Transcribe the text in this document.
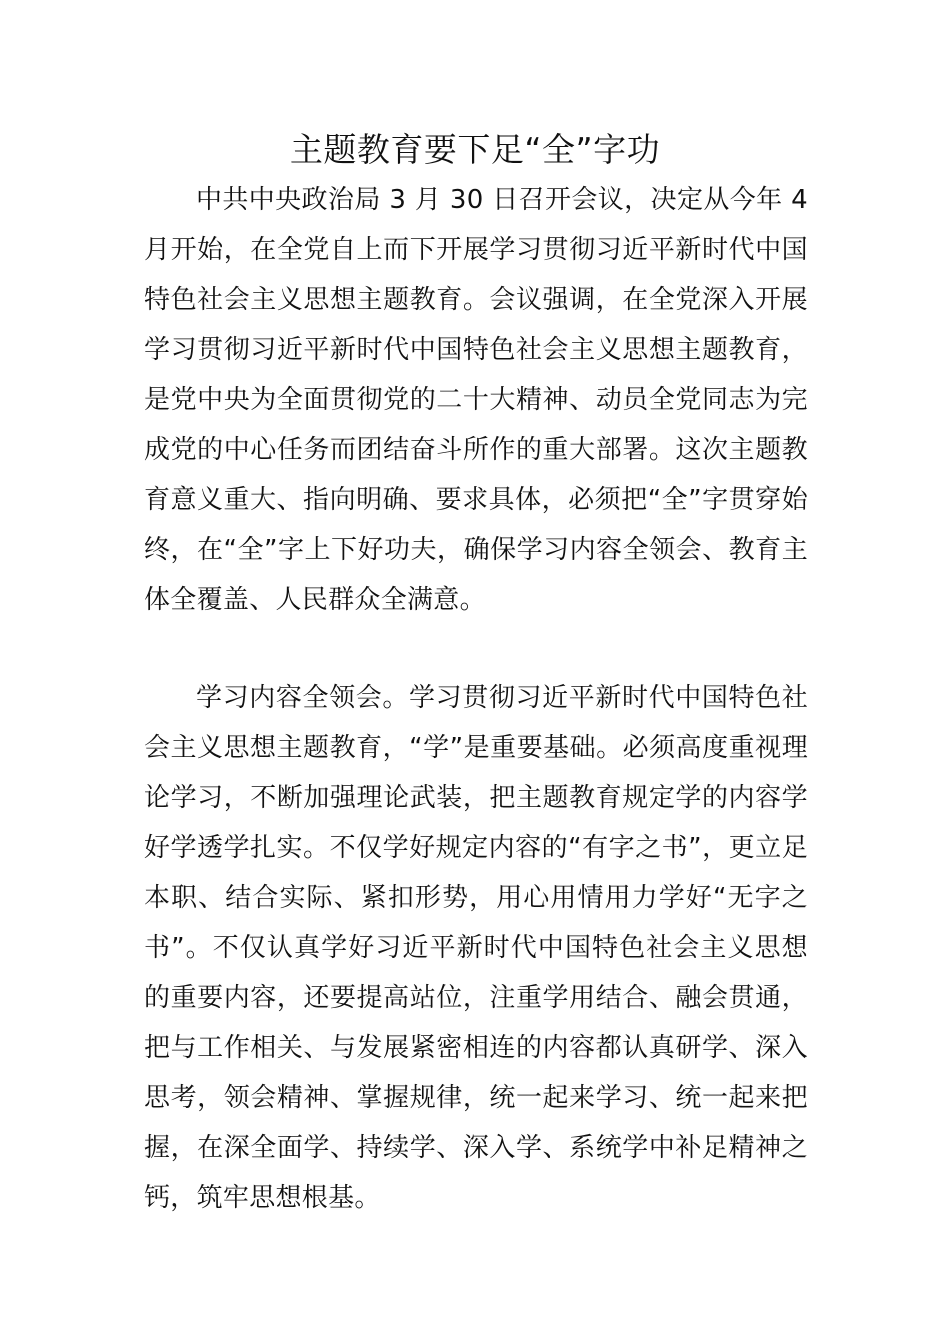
主题教育要下足“全”字功

中共中央政治局 3 月 30 日召开会议，决定从今年 4 月开始，在全党自上而下开展学习贯彻习近平新时代中国特色社会主义思想主题教育。会议强调，在全党深入开展学习贯彻习近平新时代中国特色社会主义思想主题教育，是党中央为全面贯彻党的二十大精神、动员全党同志为完成党的中心任务而团结奋斗所作的重大部署。这次主题教育意义重大、指向明确、要求具体，必须把“全”字贯穿始终，在“全”字上下好功夫，确保学习内容全领会、教育主体全覆盖、人民群众全满意。

学习内容全领会。学习贯彻习近平新时代中国特色社会主义思想主题教育，“学”是重要基础。必须高度重视理论学习，不断加强理论武装，把主题教育规定学的内容学好学透学扎实。不仅学好规定内容的“有字之书”，更立足本职、结合实际、紧扣形势，用心用情用力学好“无字之书”。不仅认真学好习近平新时代中国特色社会主义思想的重要内容，还要提高站位，注重学用结合、融会贯通，把与工作相关、与发展紧密相连的内容都认真研学、深入思考，领会精神、掌握规律，统一起来学习、统一起来把握，在深全面学、持续学、深入学、系统学中补足精神之钙，筑牢思想根基。
